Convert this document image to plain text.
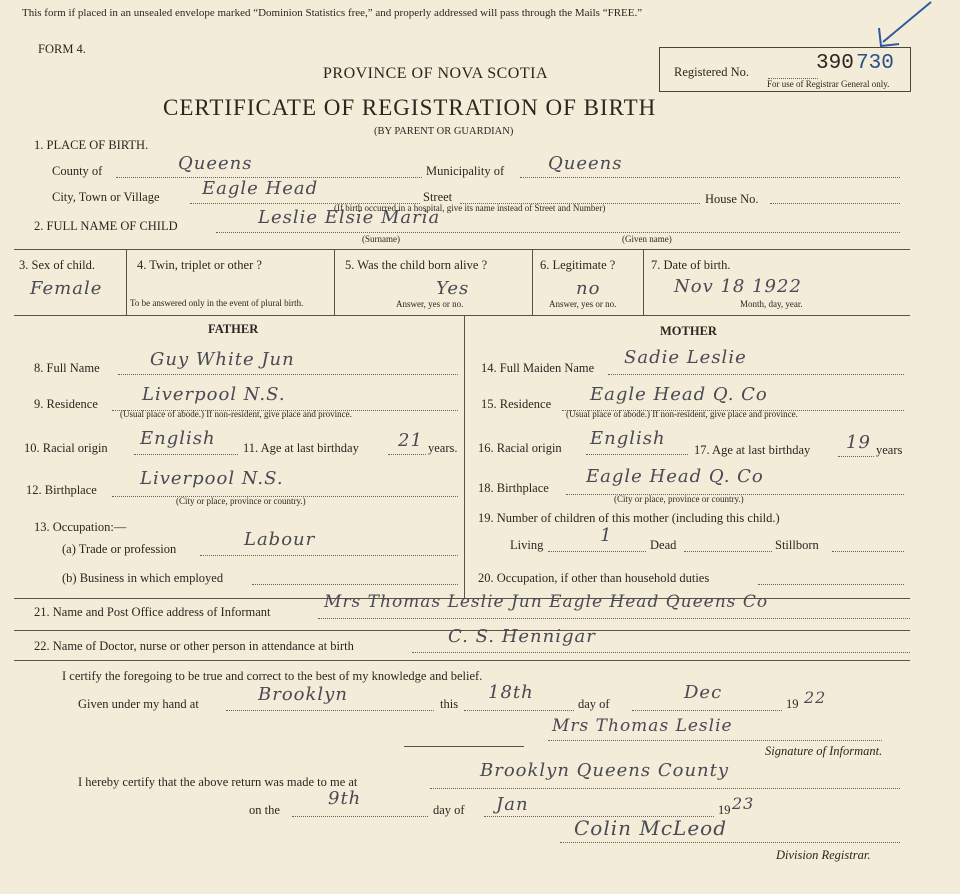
This form if placed in an unsealed envelope marked “Dominion Statistics free,” and properly addressed will pass through the Mails “FREE.”
FORM 4.
PROVINCE OF NOVA SCOTIA
CERTIFICATE OF REGISTRATION OF BIRTH
(BY PARENT OR GUARDIAN)
Registered No.	390 730
For use of Registrar General only.
1. PLACE OF BIRTH.
County of	Queens	Municipality of Queens
City, Town or Village Eagle Head	Street	House No.
(If birth occurred in a hospital, give its name instead of Street and Number)
2. FULL NAME OF CHILD	Leslie Elsie Maria
(Surname)	(Given name)
3. Sex of child.
Female
4. Twin, triplet or other ?
To be answered only in the event of plural birth.
5. Was the child born alive ?
Yes
Answer, yes or no.
6. Legitimate ?
no
Answer, yes or no.
7. Date of birth.
Nov 18 1922
Month, day, year.
FATHER	MOTHER
8. Full Name	Guy White Jun
9. Residence Liverpool N.S.
(Usual place of abode.) If non-resident, give place and province.
10. Racial origin English 11. Age at last birthday 21 years.
12. Birthplace
Liverpool N.S.
(City or place, province or country.)
13. Occupation:—
(a) Trade or profession	Labour
(b) Business in which employed
14. Full Maiden Name Sadie Leslie
15. Residence Eagle Head Q. Co
(Usual place of abode.) If non-resident, give place and province.
16. Racial origin English
17. Age at last birthday 19 years
18. Birthplace
Eagle Head Q. Co
(City or place, province or country.)
19. Number of children of this mother (including this child.)
Living	1	Dead	Stillborn
20. Occupation, if other than household duties
21. Name and Post Office address of Informant	Mrs Thomas Leslie Jun Eagle Head Queens Co
22. Name of Doctor, nurse or other person in attendance at birth	C. S. Hennigar
I certify the foregoing to be true and correct to the best of my knowledge and belief.
Given under my hand at	Brooklyn	this
18th
day of
Dec
19 22
Mrs Thomas Leslie
Signature of Informant.
I hereby certify that the above return was made to me at
Brooklyn Queens County
on the
9th
day of Jan	19 23
Colin McLeod
Division Registrar.
